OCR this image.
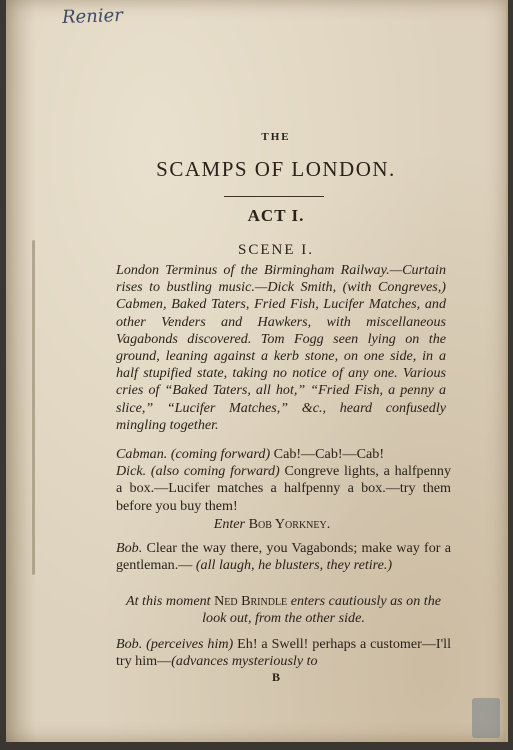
Renier
THE
SCAMPS OF LONDON.
ACT I.
SCENE I.

London Terminus of the Birmingham Railway.—Curtain rises to bustling music.—Dick Smith, (with Congreves,) Cabmen, Baked Taters, Fried Fish, Lucifer Matches, and other Venders and Hawkers, with miscellaneous Vagabonds discovered. Tom Fogg seen lying on the ground, leaning against a kerb stone, on one side, in a half stupified state, taking no notice of any one. Various cries of “Baked Taters, all hot,” “Fried Fish, a penny a slice,” “Lucifer Matches,” &c., heard confusedly mingling together.

Cabman. (coming forward) Cab!—Cab!—Cab!
Dick. (also coming forward) Congreve lights, a halfpenny a box.—Lucifer matches a halfpenny a box.—try them before you buy them!

Enter Bob Yorkney.

Bob. Clear the way there, you Vagabonds; make way for a gentleman.— (all laugh, he blusters, they retire.)

At this moment Ned Brindle enters cautiously as on the look out, from the other side.

Bob. (perceives him) Eh! a Swell! perhaps a customer—I'll try him—(advances mysteriously to

B
